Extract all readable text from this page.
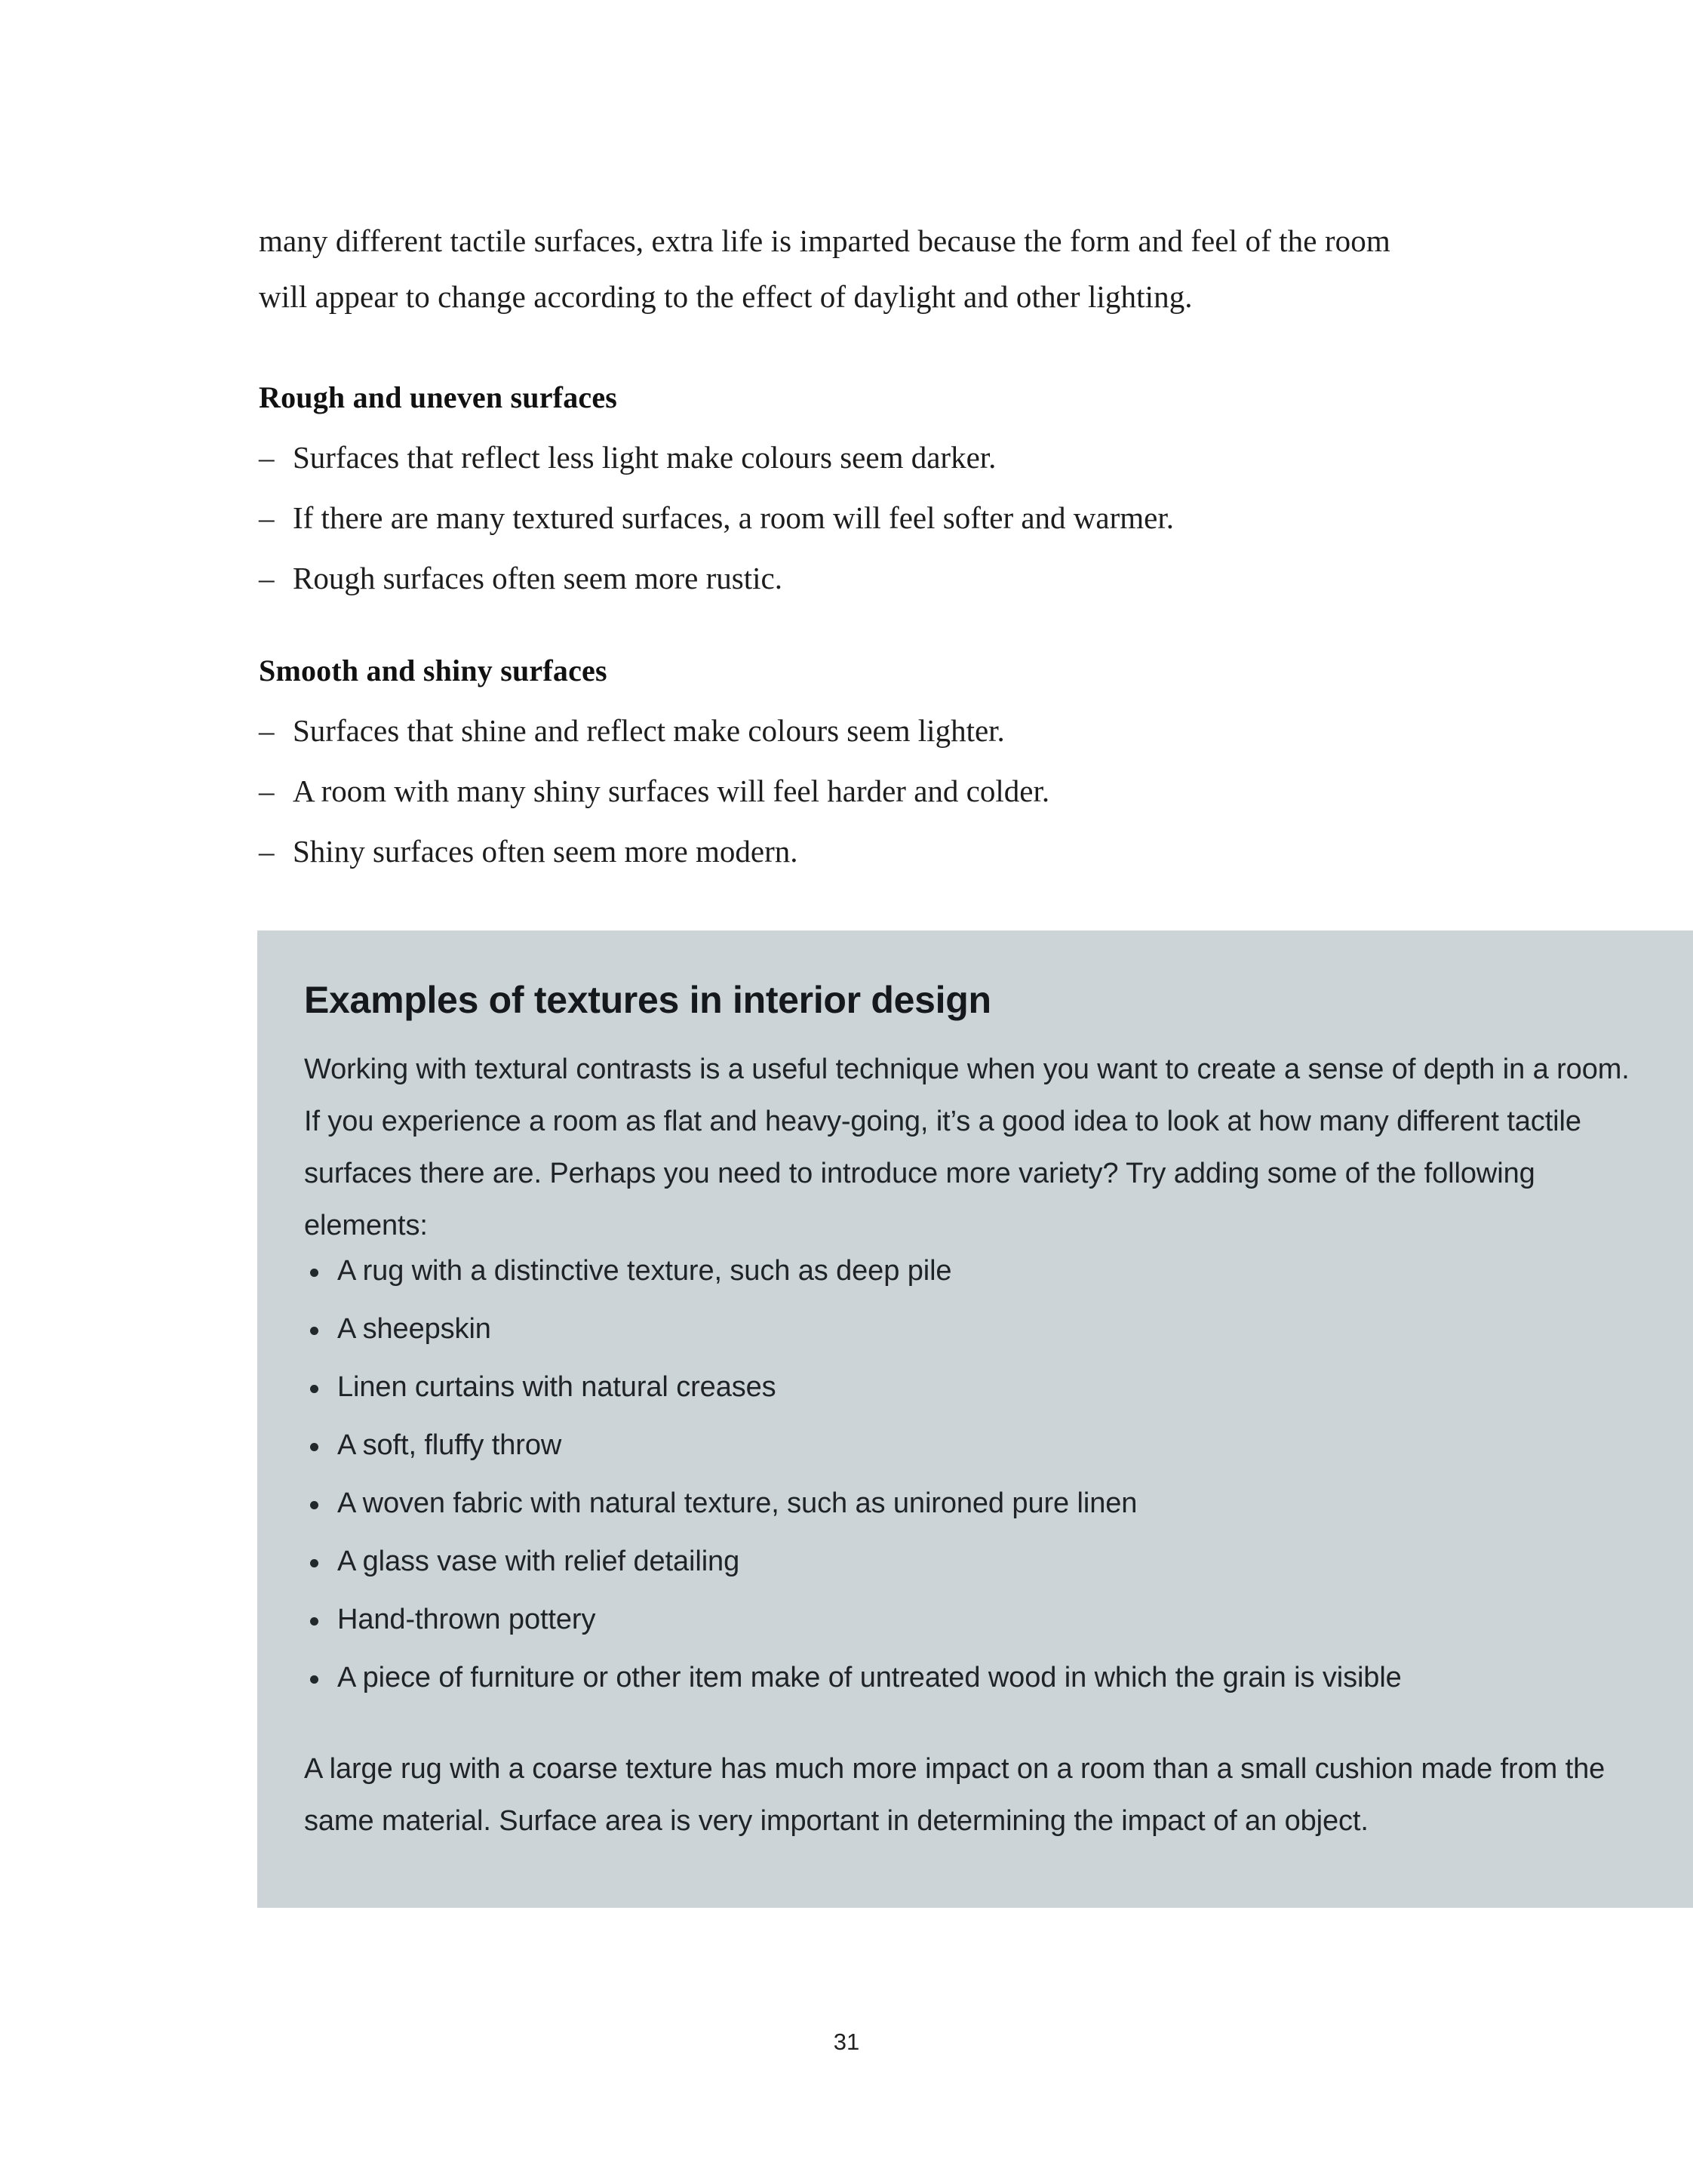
many different tactile surfaces, extra life is imparted because the form and feel of the room will appear to change according to the effect of daylight and other lighting.

Rough and uneven surfaces
– Surfaces that reflect less light make colours seem darker.
– If there are many textured surfaces, a room will feel softer and warmer.
– Rough surfaces often seem more rustic.
Smooth and shiny surfaces
– Surfaces that shine and reflect make colours seem lighter.
– A room with many shiny surfaces will feel harder and colder.
– Shiny surfaces often seem more modern.
Examples of textures in interior design

Working with textural contrasts is a useful technique when you want to create a sense of depth in a room. If you experience a room as flat and heavy-going, it’s a good idea to look at how many different tactile surfaces there are. Perhaps you need to introduce more variety? Try adding some of the following elements:

A rug with a distinctive texture, such as deep pile
A sheepskin
Linen curtains with natural creases
A soft, fluffy throw
A woven fabric with natural texture, such as unironed pure linen
A glass vase with relief detailing
Hand-thrown pottery
A piece of furniture or other item make of untreated wood in which the grain is visible

A large rug with a coarse texture has much more impact on a room than a small cushion made from the same material. Surface area is very important in determining the impact of an object.

31
